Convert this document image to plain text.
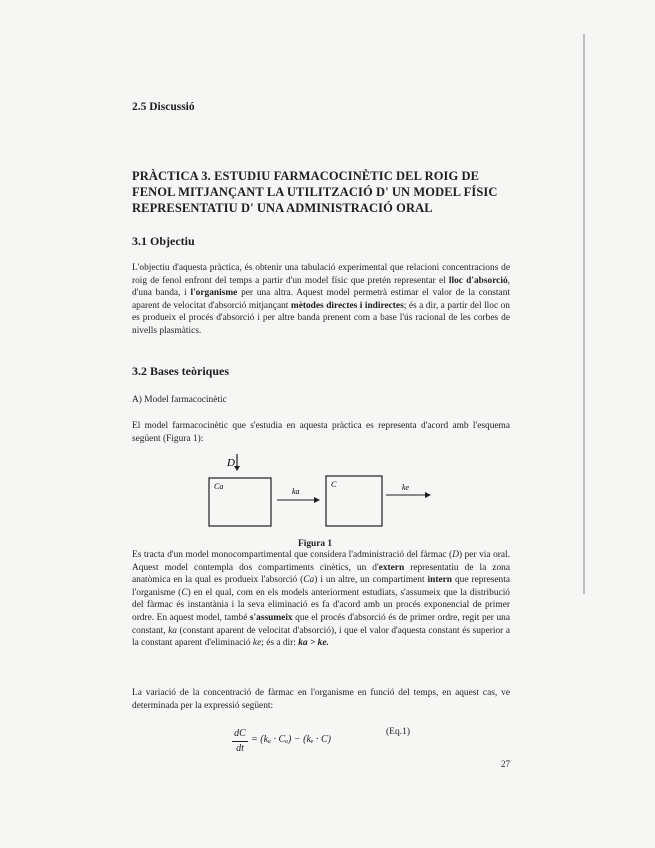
2.5 Discussió

PRÀCTICA 3. ESTUDIU FARMACOCINÈTIC DEL ROIG DE
FENOL MITJANÇANT LA UTILITZACIÓ D' UN MODEL FÍSIC
REPRESENTATIU D' UNA ADMINISTRACIÓ ORAL

3.1 Objectiu

L'objectiu d'aquesta pràctica, és obtenir una tabulació experimental que relacioni concentracions de roig de fenol enfront del temps a partir d'un model físic que pretén representar el lloc d'absorció, d'una banda, i l'organisme per una altra. Aquest model permetrà estimar el valor de la constant aparent de velocitat d'absorció mitjançant mètodes directes i indirectes; és a dir, a partir del lloc on es produeix el procés d'absorció i per altre banda prenent com a base l'ús racional de les corbes de nivells plasmàtics.

3.2 Bases teòriques

A) Model farmacocinètic

El model farmacocinètic que s'estudia en aquesta pràctica es representa d'acord amb l'esquema següent (Figura 1):

D
Ca
ka
C	ke

Figura 1

Es tracta d'un model monocompartimental que considera l'administració del fàrmac (D) per via oral. Aquest model contempla dos compartiments cinètics, un d'extern representatiu de la zona anatòmica en la qual es produeix l'absorció (Ca) i un altre, un compartiment intern que representa l'organisme (C) en el qual, com en els models anteriorment estudiats, s'assumeix que la distribució del fàrmac és instantània i la seva eliminació es fa d'acord amb un procés exponencial de primer ordre. En aquest model, també s'assumeix que el procés d'absorció és de primer ordre, regit per una constant, ka (constant aparent de velocitat d'absorció), i que el valor d'aquesta constant és superior a la constant aparent d'eliminació ke; és a dir: ka > ke.

La variació de la concentració de fàrmac en l'organisme en funció del temps, en aquest cas, ve determinada per la expressió següent:

dC
dt
= (kₐ · Cₐ) − (kₑ · C)

(Eq.1)

27
